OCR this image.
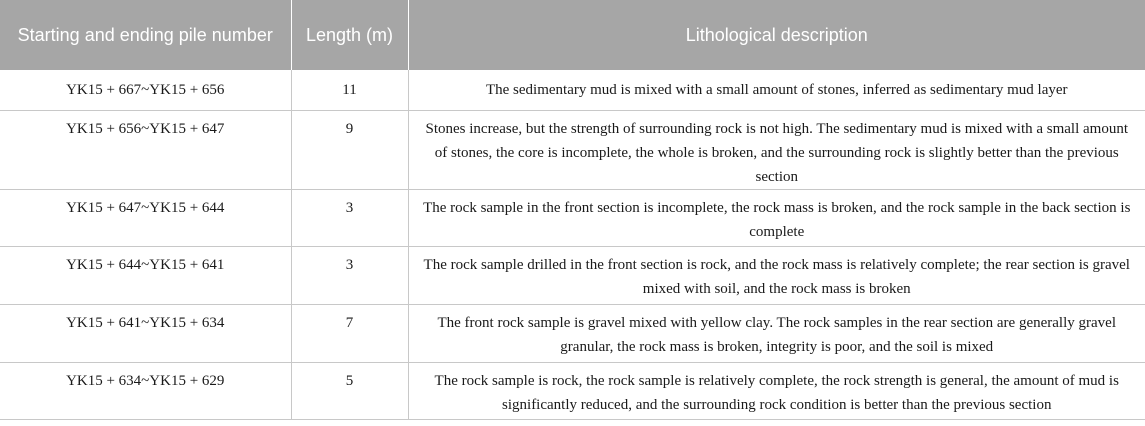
Starting and ending pile number	Length (m)	Lithological description
YK15 + 667~YK15 + 656	11	The sedimentary mud is mixed with a small amount of stones, inferred as sedimentary mud layer
YK15 + 656~YK15 + 647	9	Stones increase, but the strength of surrounding rock is not high. The sedimentary mud is mixed with a small amount of stones, the core is incomplete, the whole is broken, and the surrounding rock is slightly better than the previous section
YK15 + 647~YK15 + 644	3	The rock sample in the front section is incomplete, the rock mass is broken, and the rock sample in the back section is complete
YK15 + 644~YK15 + 641	3	The rock sample drilled in the front section is rock, and the rock mass is relatively complete; the rear section is gravel mixed with soil, and the rock mass is broken
YK15 + 641~YK15 + 634	7	The front rock sample is gravel mixed with yellow clay. The rock samples in the rear section are generally gravel granular, the rock mass is broken, integrity is poor, and the soil is mixed
YK15 + 634~YK15 + 629	5	The rock sample is rock, the rock sample is relatively complete, the rock strength is general, the amount of mud is significantly reduced, and the surrounding rock condition is better than the previous section
